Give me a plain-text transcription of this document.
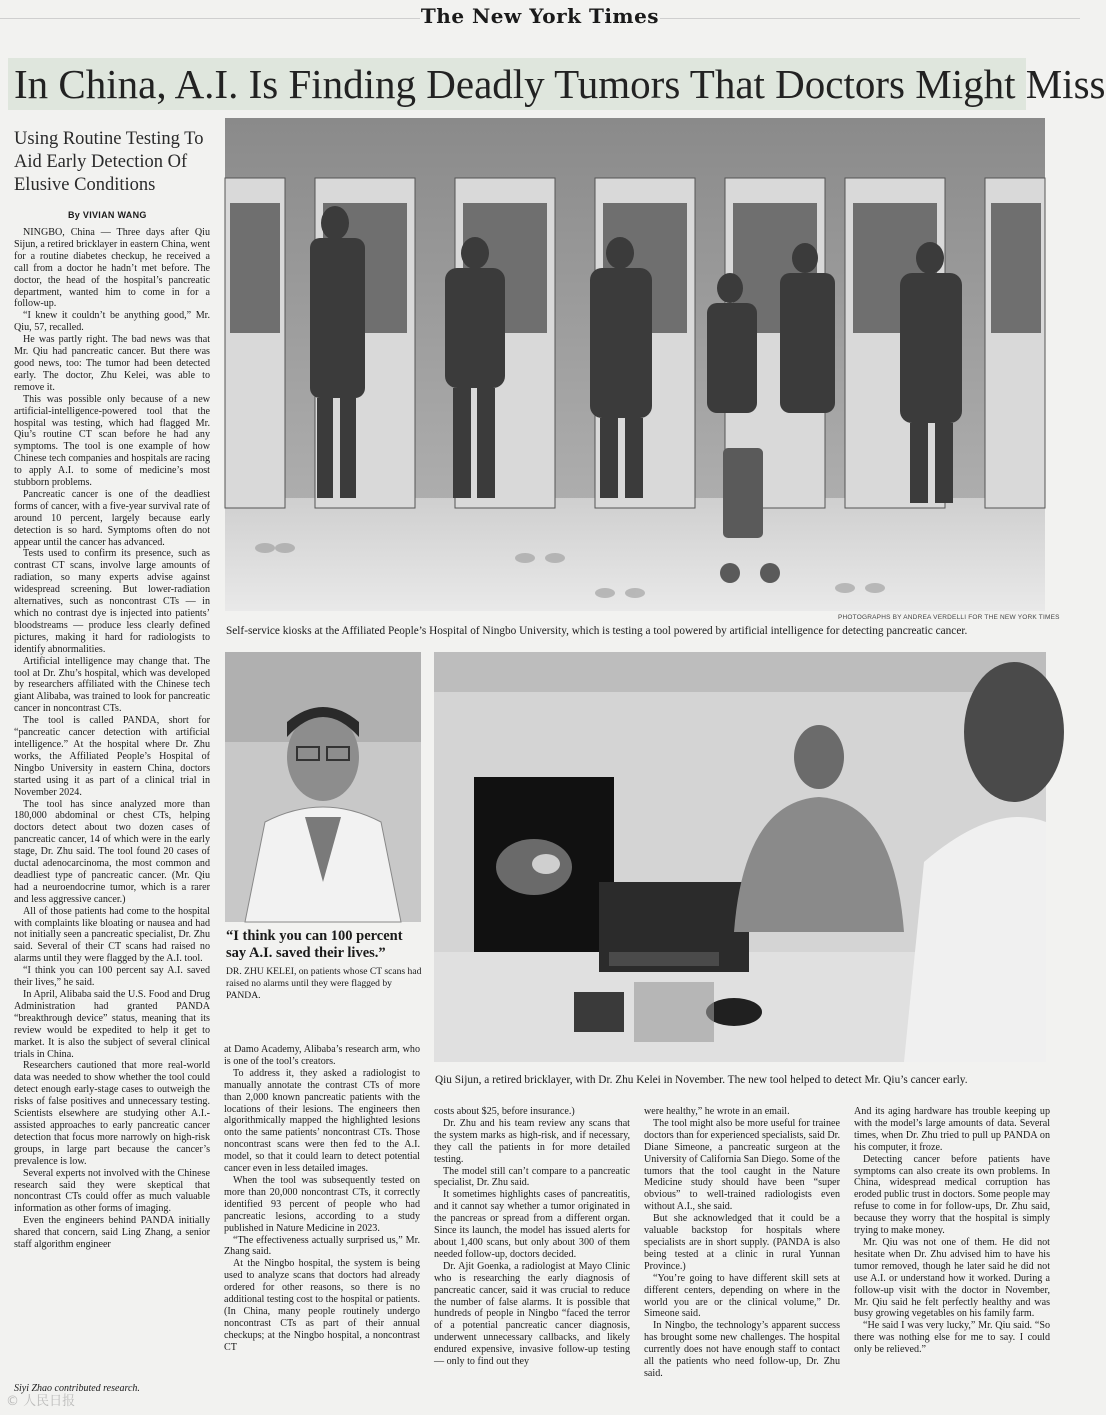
The New York Times
In China, A.I. Is Finding Deadly Tumors That Doctors Might Miss
Using Routine Testing To Aid Early Detection Of Elusive Conditions
By VIVIAN WANG

NINGBO, China — Three days after Qiu Sijun, a retired bricklayer in eastern China, went for a routine diabetes checkup, he received a call from a doctor he hadn’t met before. The doctor, the head of the hospital’s pancreatic department, wanted him to come in for a follow-up.

“I knew it couldn’t be anything good,” Mr. Qiu, 57, recalled.

He was partly right. The bad news was that Mr. Qiu had pancreatic cancer. But there was good news, too: The tumor had been detected early. The doctor, Zhu Kelei, was able to remove it.

This was possible only because of a new artificial-intelligence-powered tool that the hospital was testing, which had flagged Mr. Qiu’s routine CT scan before he had any symptoms. The tool is one example of how Chinese tech companies and hospitals are racing to apply A.I. to some of medicine’s most stubborn problems.

Pancreatic cancer is one of the deadliest forms of cancer, with a five-year survival rate of around 10 percent, largely because early detection is so hard. Symptoms often do not appear until the cancer has advanced.

Tests used to confirm its presence, such as contrast CT scans, involve large amounts of radiation, so many experts advise against widespread screening. But lower-radiation alternatives, such as noncontrast CTs — in which no contrast dye is injected into patients’ bloodstreams — produce less clearly defined pictures, making it hard for radiologists to identify abnormalities.

Artificial intelligence may change that. The tool at Dr. Zhu’s hospital, which was developed by researchers affiliated with the Chinese tech giant Alibaba, was trained to look for pancreatic cancer in noncontrast CTs.

The tool is called PANDA, short for “pancreatic cancer detection with artificial intelligence.” At the hospital where Dr. Zhu works, the Affiliated People’s Hospital of Ningbo University in eastern China, doctors started using it as part of a clinical trial in November 2024.

The tool has since analyzed more than 180,000 abdominal or chest CTs, helping doctors detect about two dozen cases of pancreatic cancer, 14 of which were in the early stage, Dr. Zhu said. The tool found 20 cases of ductal adenocarcinoma, the most common and deadliest type of pancreatic cancer. (Mr. Qiu had a neuroendocrine tumor, which is a rarer and less aggressive cancer.)

All of those patients had come to the hospital with complaints like bloating or nausea and had not initially seen a pancreatic specialist, Dr. Zhu said. Several of their CT scans had raised no alarms until they were flagged by the A.I. tool.

“I think you can 100 percent say A.I. saved their lives,” he said.

In April, Alibaba said the U.S. Food and Drug Administration had granted PANDA “breakthrough device” status, meaning that its review would be expedited to help it get to market. It is also the subject of several clinical trials in China.

Researchers cautioned that more real-world data was needed to show whether the tool could detect enough early-stage cases to outweigh the risks of false positives and unnecessary testing. Scientists elsewhere are studying other A.I.-assisted approaches to early pancreatic cancer detection that focus more narrowly on high-risk groups, in large part because the cancer’s prevalence is low.

Several experts not involved with the Chinese research said they were skeptical that noncontrast CTs could offer as much valuable information as other forms of imaging.

Even the engineers behind PANDA initially shared that concern, said Ling Zhang, a senior staff algorithm engineer

PHOTOGRAPHS BY ANDREA VERDELLI FOR THE NEW YORK TIMES
Self-service kiosks at the Affiliated People’s Hospital of Ningbo University, which is testing a tool powered by artificial intelligence for detecting pancreatic cancer.
“I think you can 100 percent say A.I. saved their lives.”
DR. ZHU KELEI, on patients whose CT scans had raised no alarms until they were flagged by PANDA.
Qiu Sijun, a retired bricklayer, with Dr. Zhu Kelei in November. The new tool helped to detect Mr. Qiu’s cancer early.

at Damo Academy, Alibaba’s research arm, who is one of the tool’s creators.

To address it, they asked a radiologist to manually annotate the contrast CTs of more than 2,000 known pancreatic patients with the locations of their lesions. The engineers then algorithmically mapped the highlighted lesions onto the same patients’ noncontrast CTs. Those noncontrast scans were then fed to the A.I. model, so that it could learn to detect potential cancer even in less detailed images.

When the tool was subsequently tested on more than 20,000 noncontrast CTs, it correctly identified 93 percent of people who had pancreatic lesions, according to a study published in Nature Medicine in 2023.

“The effectiveness actually surprised us,” Mr. Zhang said.

At the Ningbo hospital, the system is being used to analyze scans that doctors had already ordered for other reasons, so there is no additional testing cost to the hospital or patients. (In China, many people routinely undergo noncontrast CTs as part of their annual checkups; at the Ningbo hospital, a noncontrast CT

costs about $25, before insurance.)

Dr. Zhu and his team review any scans that the system marks as high-risk, and if necessary, they call the patients in for more detailed testing.

The model still can’t compare to a pancreatic specialist, Dr. Zhu said.

It sometimes highlights cases of pancreatitis, and it cannot say whether a tumor originated in the pancreas or spread from a different organ. Since its launch, the model has issued alerts for about 1,400 scans, but only about 300 of them needed follow-up, doctors decided.

Dr. Ajit Goenka, a radiologist at Mayo Clinic who is researching the early diagnosis of pancreatic cancer, said it was crucial to reduce the number of false alarms. It is possible that hundreds of people in Ningbo “faced the terror of a potential pancreatic cancer diagnosis, underwent unnecessary callbacks, and likely endured expensive, invasive follow-up testing — only to find out they

were healthy,” he wrote in an email.

The tool might also be more useful for trainee doctors than for experienced specialists, said Dr. Diane Simeone, a pancreatic surgeon at the University of California San Diego. Some of the tumors that the tool caught in the Nature Medicine study should have been “super obvious” to well-trained radiologists even without A.I., she said.

But she acknowledged that it could be a valuable backstop for hospitals where specialists are in short supply. (PANDA is also being tested at a clinic in rural Yunnan Province.)

“You’re going to have different skill sets at different centers, depending on where in the world you are or the clinical volume,” Dr. Simeone said.

In Ningbo, the technology’s apparent success has brought some new challenges. The hospital currently does not have enough staff to contact all the patients who need follow-up, Dr. Zhu said.

And its aging hardware has trouble keeping up with the model’s large amounts of data. Several times, when Dr. Zhu tried to pull up PANDA on his computer, it froze.

Detecting cancer before patients have symptoms can also create its own problems. In China, widespread medical corruption has eroded public trust in doctors. Some people may refuse to come in for follow-ups, Dr. Zhu said, because they worry that the hospital is simply trying to make money.

Mr. Qiu was not one of them. He did not hesitate when Dr. Zhu advised him to have his tumor removed, though he later said he did not use A.I. or understand how it worked. During a follow-up visit with the doctor in November, Mr. Qiu said he felt perfectly healthy and was busy growing vegetables on his family farm.

“He said I was very lucky,” Mr. Qiu said. “So there was nothing else for me to say. I could only be relieved.”

Siyi Zhao contributed research.
© 人民日报
